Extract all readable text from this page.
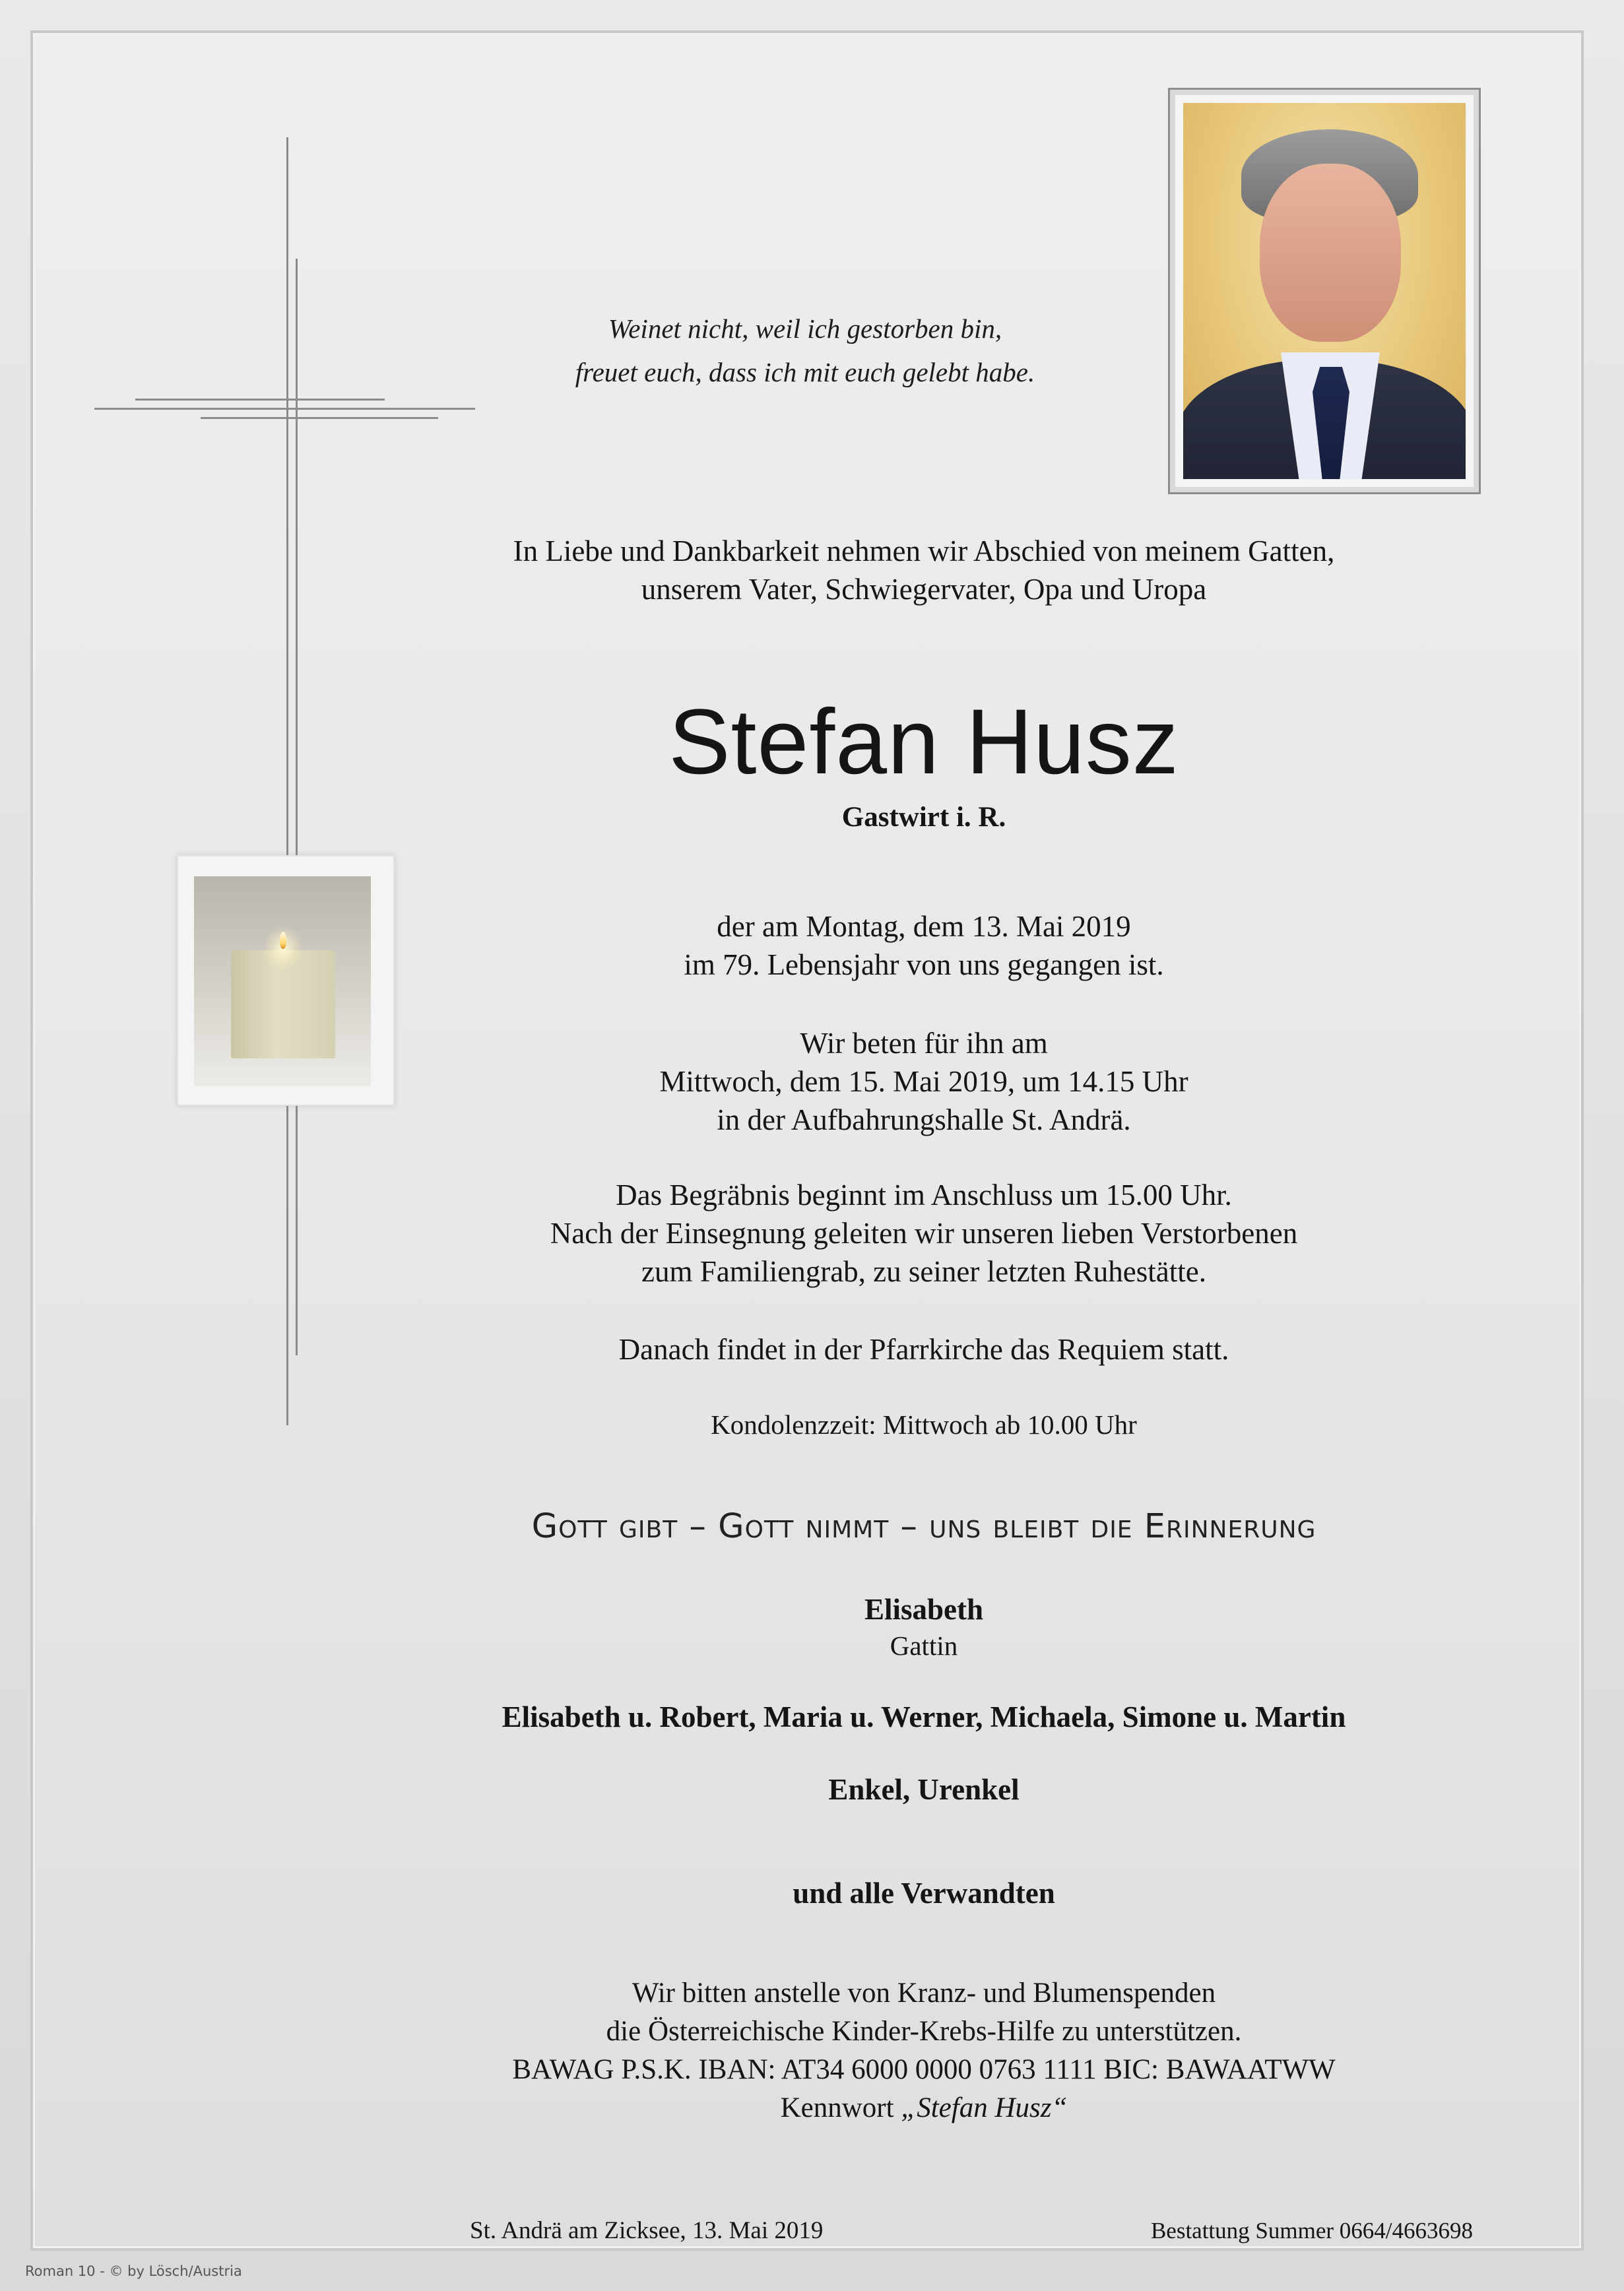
Weinet nicht, weil ich gestorben bin,
freuet euch, dass ich mit euch gelebt habe.
In Liebe und Dankbarkeit nehmen wir Abschied von meinem Gatten,
unserem Vater, Schwiegervater, Opa und Uropa
Stefan Husz
Gastwirt i. R.
der am Montag, dem 13. Mai 2019
im 79. Lebensjahr von uns gegangen ist.
Wir beten für ihn am
Mittwoch, dem 15. Mai 2019, um 14.15 Uhr
in der Aufbahrungshalle St. Andrä.
Das Begräbnis beginnt im Anschluss um 15.00 Uhr.
Nach der Einsegnung geleiten wir unseren lieben Verstorbenen
zum Familiengrab, zu seiner letzten Ruhestätte.
Danach findet in der Pfarrkirche das Requiem statt.
Kondolenzzeit: Mittwoch ab 10.00 Uhr
Gott gibt – Gott nimmt – uns bleibt die Erinnerung
Elisabeth
Gattin
Elisabeth u. Robert, Maria u. Werner, Michaela, Simone u. Martin
Enkel, Urenkel
und alle Verwandten
Wir bitten anstelle von Kranz- und Blumenspenden
die Österreichische Kinder-Krebs-Hilfe zu unterstützen.
BAWAG P.S.K. IBAN: AT34 6000 0000 0763 1111 BIC: BAWAATWW
Kennwort „Stefan Husz“
St. Andrä am Zicksee, 13. Mai 2019	Bestattung Summer 0664/4663698
Roman 10 - © by Lösch/Austria
